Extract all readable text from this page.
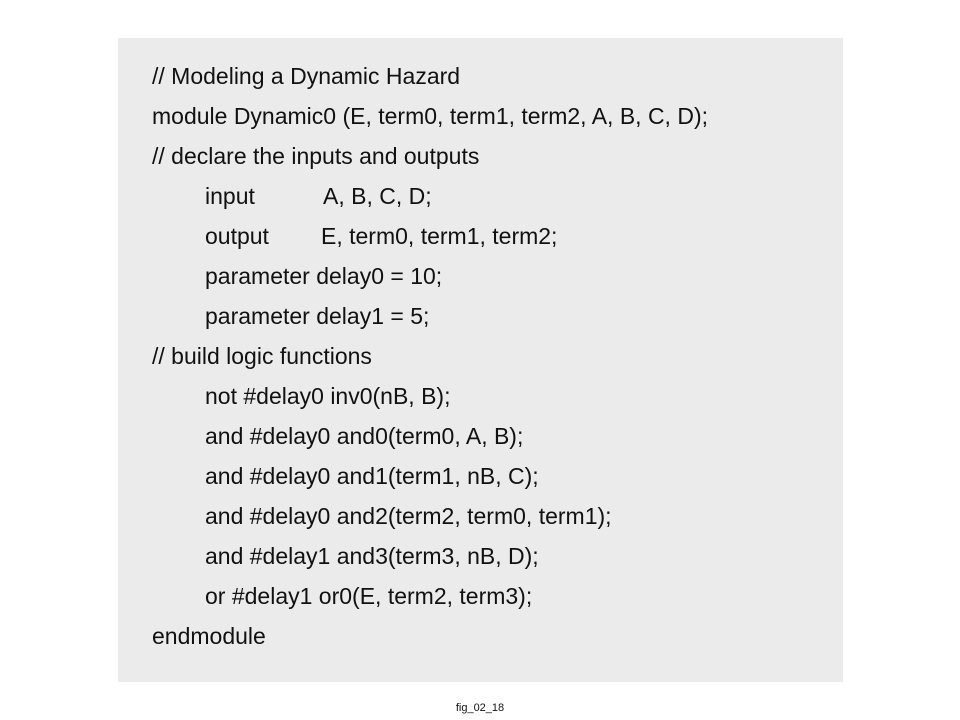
// Modeling a Dynamic Hazard
module Dynamic0 (E, term0, term1, term2, A, B, C, D);
// declare the inputs and outputs
input	A, B, C, D;
output E, term0, term1, term2;
parameter delay0 = 10;
parameter delay1 = 5;
// build logic functions
not #delay0 inv0(nB, B);
and #delay0 and0(term0, A, B);
and #delay0 and1(term1, nB, C);
and #delay0 and2(term2, term0, term1);
and #delay1 and3(term3, nB, D);
or #delay1 or0(E, term2, term3);
endmodule
fig_02_18
